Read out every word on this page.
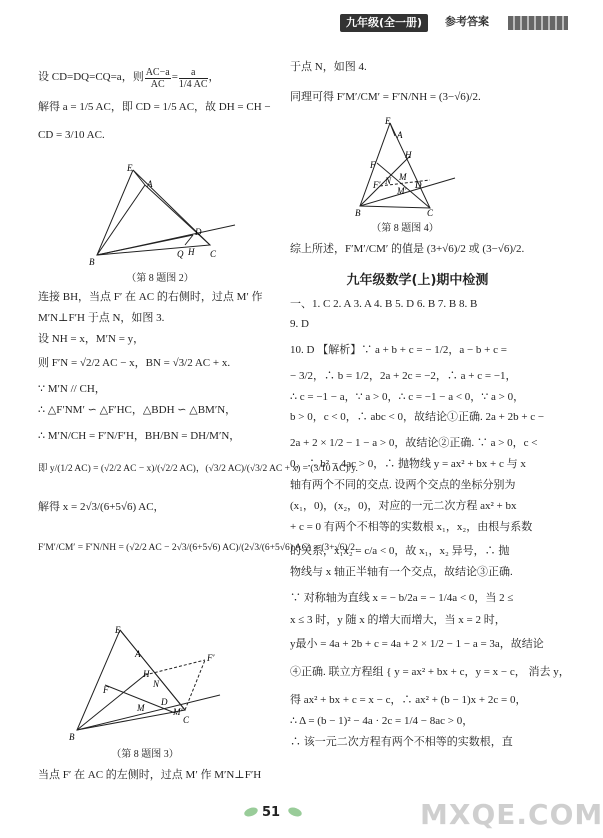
九年级(全一册)	参考答案
设 CD=DQ=CQ=a，则 $\frac{AC-a}{AC} = \frac{a}{1/4 AC}$ ，
解得 a = 1/5 AC，即 CD = 1/5 AC，故 DH = CH −
CD = 3/10 AC.
E
A
D
H C
B
Q
（第 8 题图 2）
连接 BH，当点 F′ 在 AC 的右侧时，过点 M′ 作
M′N⊥F′H 于点 N，如图 3.
设 NH = x，M′N = y，
则 F′N = √2/2 AC − x，BN = √3/2 AC + x.
∵ M′N // CH，
∴ △F′NM′ ∽ △F′HC，△BDH ∽ △BM′N，
∴ M′N/CH = F′N/F′H，BH/BN = DH/M′N，
即 y/(1/2 AC) = (√2/2 AC − x)/(√2/2 AC)，(√3/2 AC)/(√3/2 AC + x) = (3/10 AC)/y.
解得 x = 2√3/(6+5√6) AC，
F′M′/CM′ = F′N/NH = (√2/2 AC − 2√3/(6+5√6) AC)/(2√3/(6+5√6) AC) = (3+√6)/2.
E
A	F′
H
F
N
D
M	M′
B
C
（第 8 题图 3）
当点 F′ 在 AC 的左侧时，过点 M′ 作 M′N⊥F′H
于点 N，如图 4.
同理可得 F′M′/CM′ = F′N/NH = (3−√6)/2.
E
A
H
F
F′ N	D
M′
M
B	C
（第 8 题图 4）
综上所述，F′M′/CM′ 的值是 (3+√6)/2 或 (3−√6)/2.
九年级数学(上)期中检测
一、1. C 2. A 3. A 4. B 5. D 6. B 7. B 8. B
9. D
10. D 【解析】∵ a + b + c = − 1/2，a − b + c =
− 3/2，∴ b = 1/2，2a + 2c = −2，∴ a + c = −1，
∴ c = −1 − a，∵ a > 0，∴ c = −1 − a < 0，∵ a > 0，
b > 0，c < 0，∴ abc < 0，故结论①正确. 2a + 2b + c −
2a + 2 × 1/2 − 1 − a > 0，故结论②正确. ∵ a > 0，c <
0，∴ b² − 4ac > 0，∴ 抛物线 y = ax² + bx + c 与 x
轴有两个不同的交点. 设两个交点的坐标分别为
(x₁，0)，(x₂，0)，对应的一元二次方程 ax² + bx
+ c = 0 有两个不相等的实数根 x₁，x₂，由根与系数
的关系，x₁x₂ = c/a < 0，故 x₁，x₂ 异号，∴ 抛
物线与 x 轴正半轴有一个交点，故结论③正确.
∵ 对称轴为直线 x = − b/2a = − 1/4a < 0，当 2 ≤
x ≤ 3 时，y 随 x 的增大而增大，当 x = 2 时，
y最小 = 4a + 2b + c = 4a + 2 × 1/2 − 1 − a = 3a，故结论
④正确. 联立方程组 { y = ax² + bx + c，y = x − c， 消去 y，
得 ax² + bx + c = x − c，∴ ax² + (b − 1)x + 2c = 0，
∴ Δ = (b − 1)² − 4a · 2c = 1/4 − 8ac > 0，
∴ 该一元二次方程有两个不相等的实数根，直
51	MXQE.COM
